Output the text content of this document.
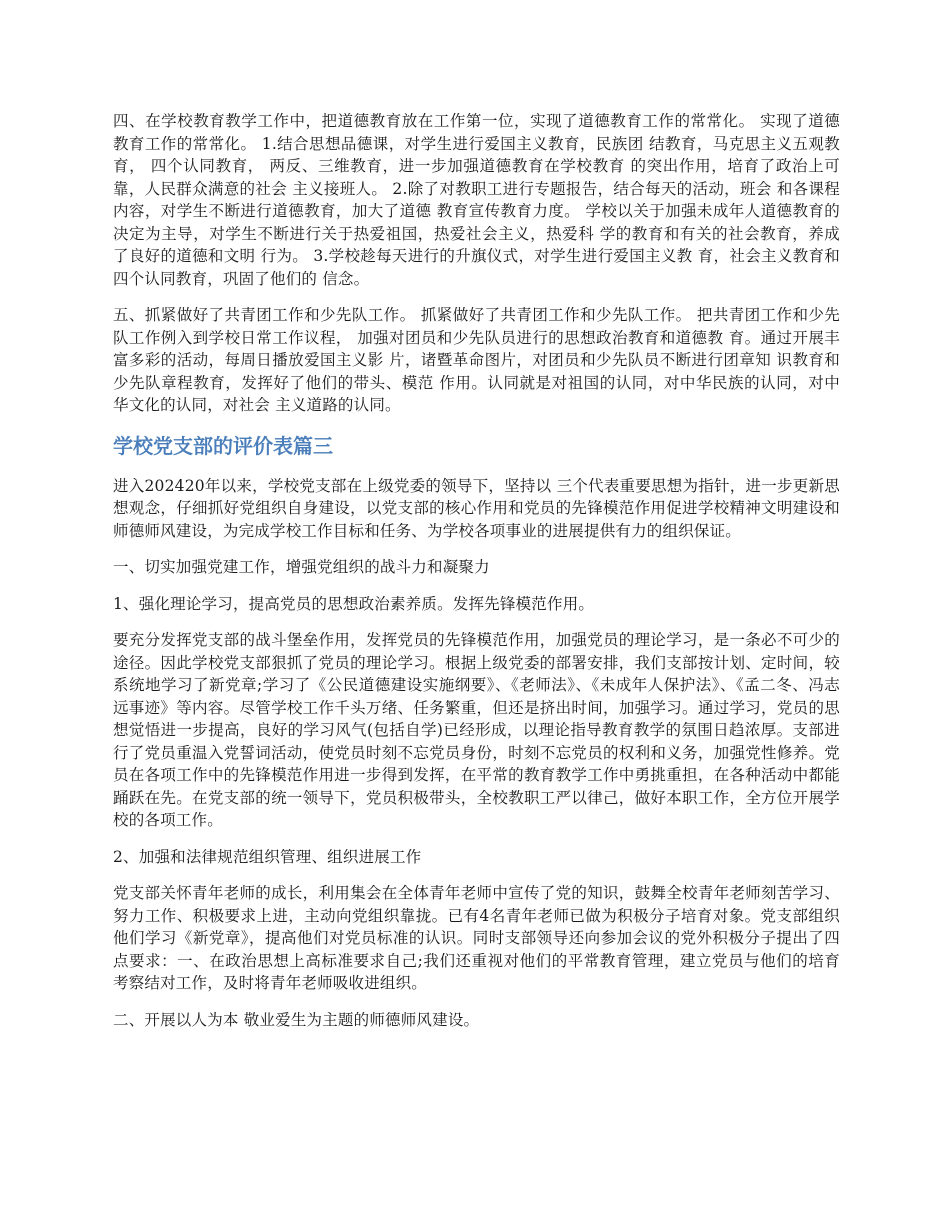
四、在学校教育教学工作中，把道德教育放在工作第一位，实现了道德教育工作的常常化。 实现了道德教育工作的常常化。 1.结合思想品德课，对学生进行爱国主义教育，民族团 结教育，马克思主义五观教育， 四个认同教育， 两反、三维教育，进一步加强道德教育在学校教育 的突出作用，培育了政治上可靠，人民群众满意的社会 主义接班人。 2.除了对教职工进行专题报告，结合每天的活动，班会 和各课程内容，对学生不断进行道德教育，加大了道德 教育宣传教育力度。 学校以关于加强未成年人道德教育的决定为主导，对学生不断进行关于热爱祖国，热爱社会主义，热爱科 学的教育和有关的社会教育，养成了良好的道德和文明 行为。 3.学校趁每天进行的升旗仪式，对学生进行爱国主义教 育，社会主义教育和四个认同教育，巩固了他们的 信念。

五、抓紧做好了共青团工作和少先队工作。 抓紧做好了共青团工作和少先队工作。 把共青团工作和少先队工作例入到学校日常工作议程， 加强对团员和少先队员进行的思想政治教育和道德教 育。通过开展丰富多彩的活动，每周日播放爱国主义影 片，诸暨革命图片，对团员和少先队员不断进行团章知 识教育和少先队章程教育，发挥好了他们的带头、模范 作用。认同就是对祖国的认同，对中华民族的认同，对中华文化的认同，对社会 主义道路的认同。

学校党支部的评价表篇三

进入202420年以来，学校党支部在上级党委的领导下，坚持以 三个代表重要思想为指针，进一步更新思想观念，仔细抓好党组织自身建设，以党支部的核心作用和党员的先锋模范作用促进学校精神文明建设和师德师风建设，为完成学校工作目标和任务、为学校各项事业的进展提供有力的组织保证。

一、切实加强党建工作，增强党组织的战斗力和凝聚力

1、强化理论学习，提高党员的思想政治素养质。发挥先锋模范作用。

要充分发挥党支部的战斗堡垒作用，发挥党员的先锋模范作用，加强党员的理论学习，是一条必不可少的途径。因此学校党支部狠抓了党员的理论学习。根据上级党委的部署安排，我们支部按计划、定时间，较系统地学习了新党章;学习了《公民道德建设实施纲要》、《老师法》、《未成年人保护法》、《孟二冬、冯志远事迹》等内容。尽管学校工作千头万绪、任务繁重，但还是挤出时间，加强学习。通过学习，党员的思想觉悟进一步提高，良好的学习风气(包括自学)已经形成，以理论指导教育教学的氛围日趋浓厚。支部进行了党员重温入党誓词活动，使党员时刻不忘党员身份，时刻不忘党员的权利和义务，加强党性修养。党员在各项工作中的先锋模范作用进一步得到发挥，在平常的教育教学工作中勇挑重担，在各种活动中都能踊跃在先。在党支部的统一领导下，党员积极带头，全校教职工严以律己，做好本职工作，全方位开展学校的各项工作。

2、加强和法律规范组织管理、组织进展工作

党支部关怀青年老师的成长，利用集会在全体青年老师中宣传了党的知识，鼓舞全校青年老师刻苦学习、努力工作、积极要求上进，主动向党组织靠拢。已有4名青年老师已做为积极分子培育对象。党支部组织他们学习《新党章》，提高他们对党员标准的认识。同时支部领导还向参加会议的党外积极分子提出了四点要求：一、在政治思想上高标准要求自己;我们还重视对他们的平常教育管理，建立党员与他们的培育考察结对工作，及时将青年老师吸收进组织。

二、开展以人为本 敬业爱生为主题的师德师风建设。
